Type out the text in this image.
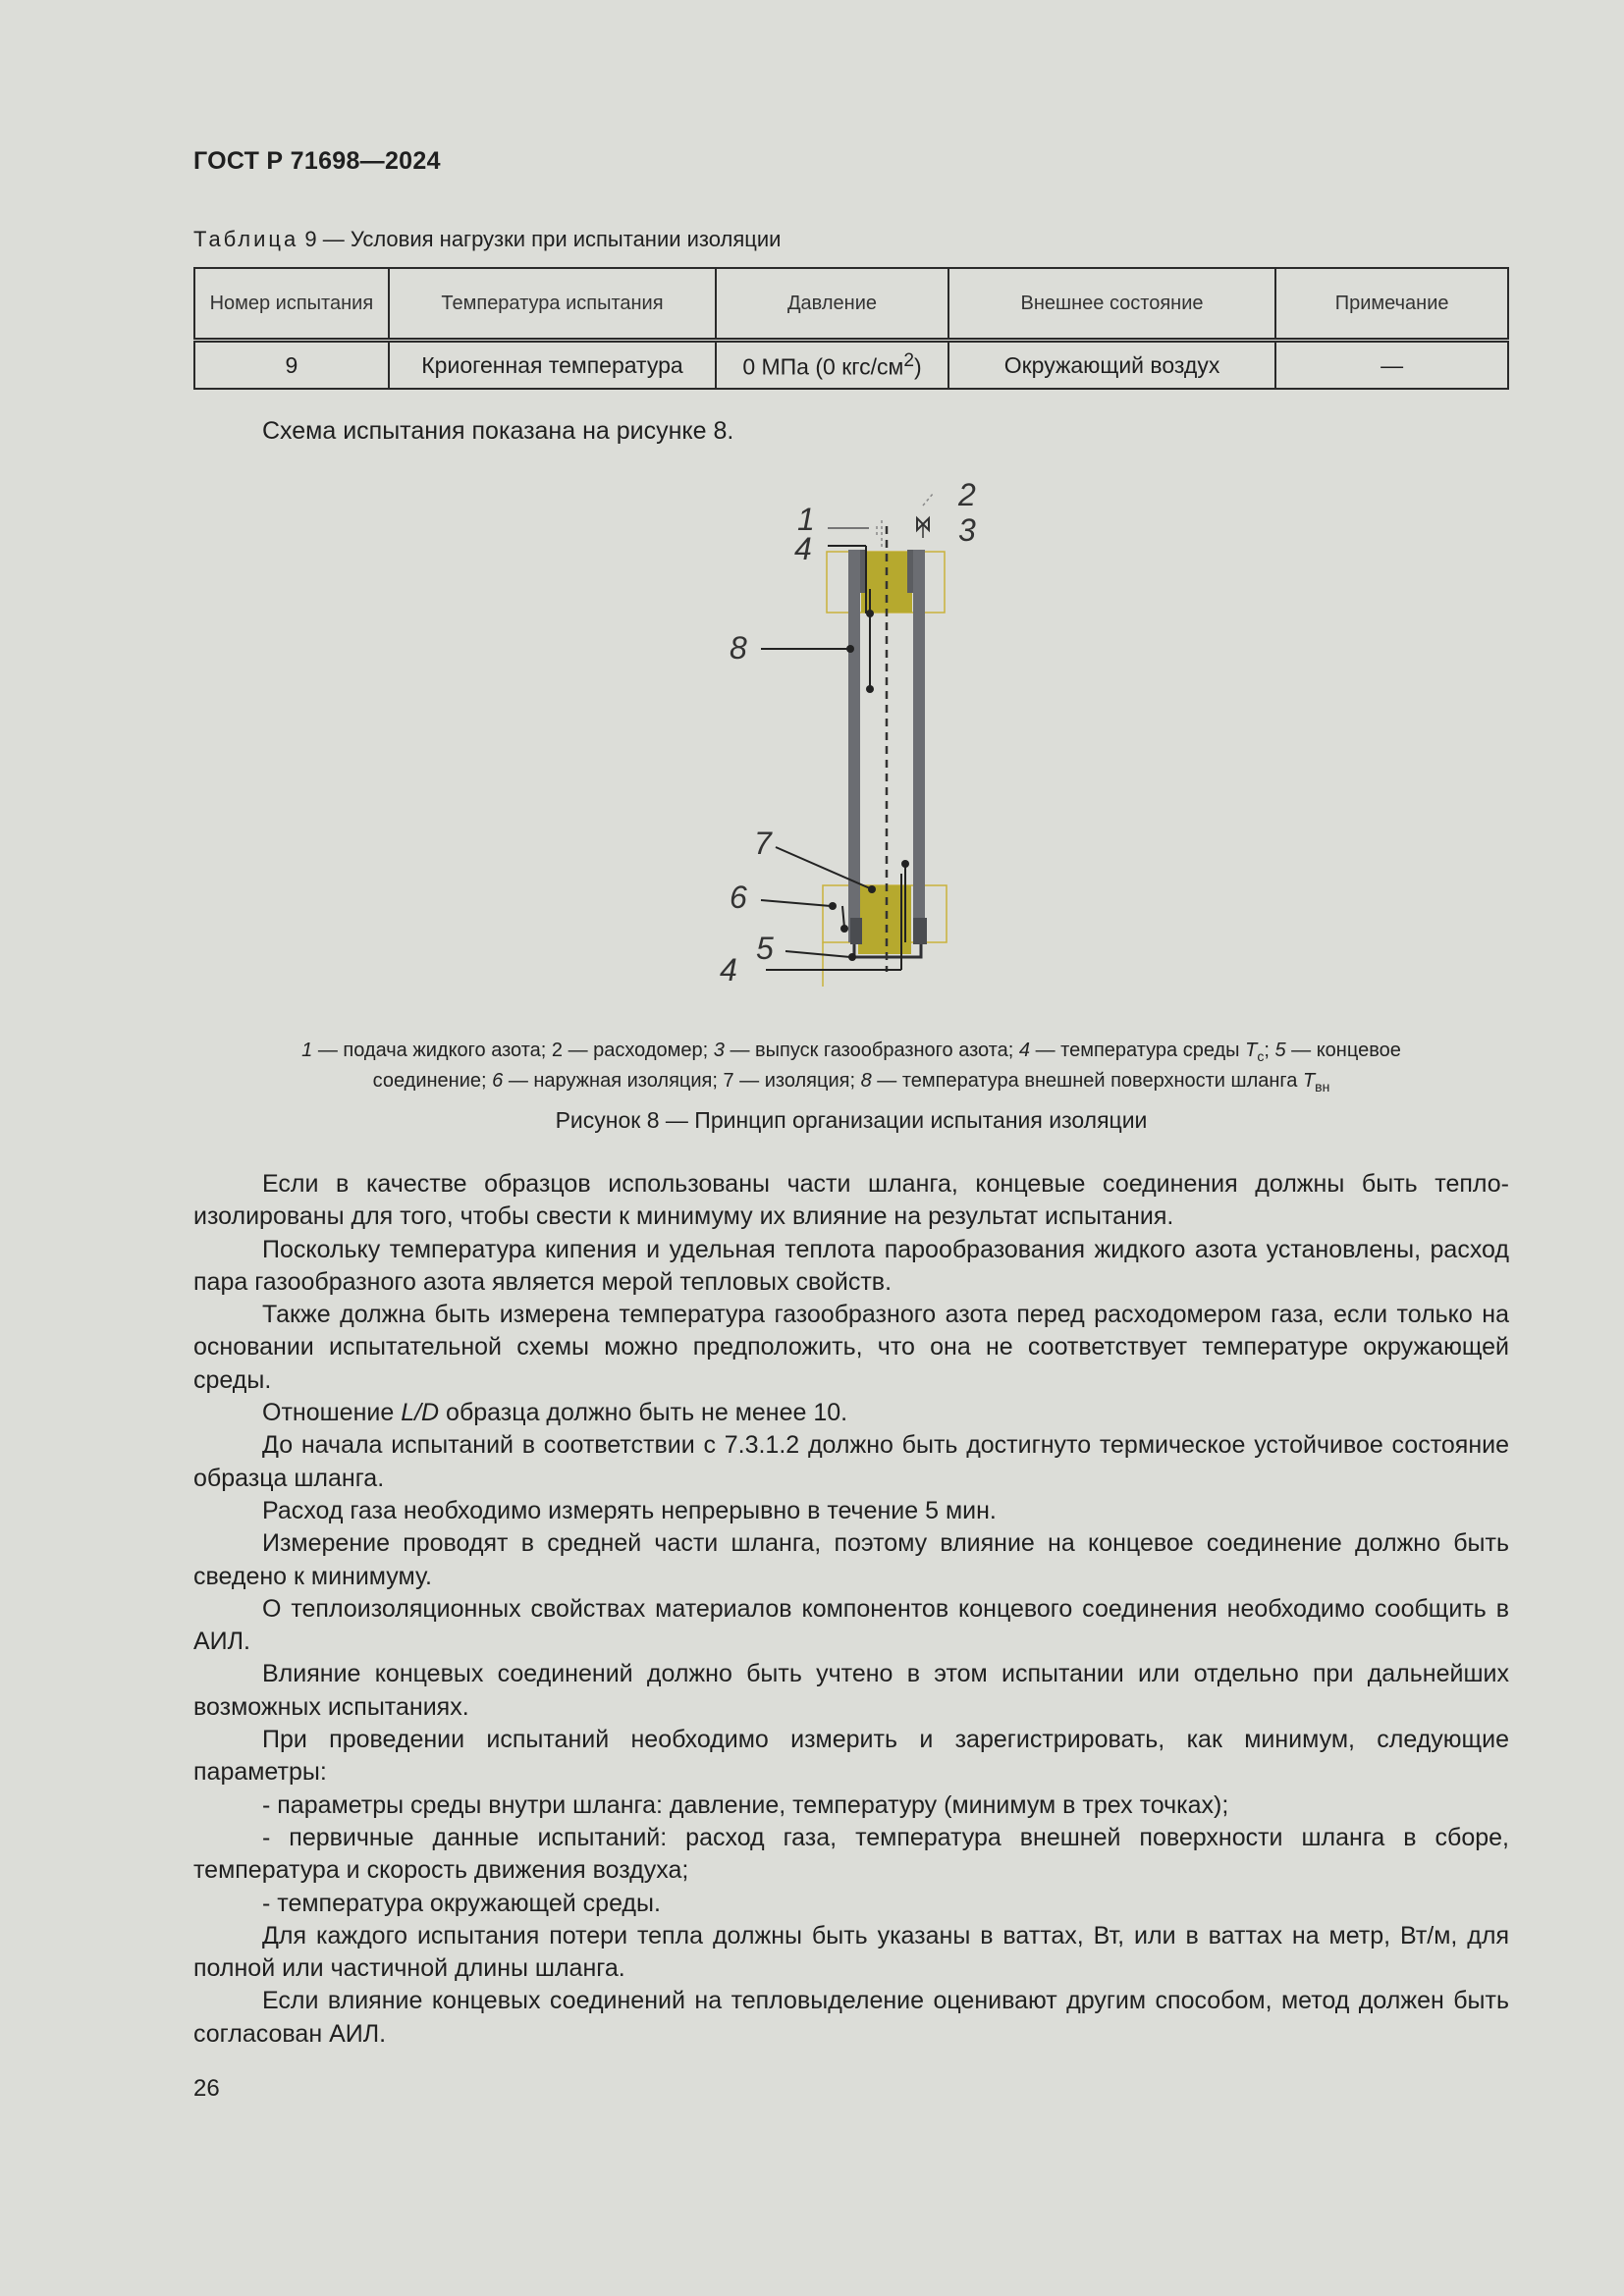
ГОСТ Р 71698—2024
Таблица 9 — Условия нагрузки при испытании изоляции
Номер испытания	Температура испытания	Давление	Внешнее состояние	Примечание
9	Криогенная температура	0 МПа (0 кгс/$см^2$)	Окружающий воздух	—
Схема испытания показана на рисунке 8.
1
2
3
4
8
7
6
5
4
1 — подача жидкого азота; 2 — расходомер; 3 — выпуск газообразного азота; 4 — температура среды $T_c$; 5 — концевое
соединение; 6 — наружная изоляция; 7 — изоляция; 8 — температура внешней поверхности шланга $T_{вн}$
Рисунок 8 — Принцип организации испытания изоляции

Если в качестве образцов использованы части шланга, концевые соединения должны быть теплоизолированы для того, чтобы свести к минимуму их влияние на результат испытания.

Поскольку температура кипения и удельная теплота парообразования жидкого азота установлены, расход пара газообразного азота является мерой тепловых свойств.

Также должна быть измерена температура газообразного азота перед расходомером газа, если только на основании испытательной схемы можно предположить, что она не соответствует температуре окружающей среды.

Отношение L/D образца должно быть не менее 10.

До начала испытаний в соответствии с 7.3.1.2 должно быть достигнуто термическое устойчивое состояние образца шланга.

Расход газа необходимо измерять непрерывно в течение 5 мин.

Измерение проводят в средней части шланга, поэтому влияние на концевое соединение должно быть сведено к минимуму.

О теплоизоляционных свойствах материалов компонентов концевого соединения необходимо сообщить в АИЛ.

Влияние концевых соединений должно быть учтено в этом испытании или отдельно при дальнейших возможных испытаниях.

При проведении испытаний необходимо измерить и зарегистрировать, как минимум, следующие параметры:

- параметры среды внутри шланга: давление, температуру (минимум в трех точках);

- первичные данные испытаний: расход газа, температура внешней поверхности шланга в сборе, температура и скорость движения воздуха;

- температура окружающей среды.

Для каждого испытания потери тепла должны быть указаны в ваттах, Вт, или в ваттах на метр, Вт/м, для полной или частичной длины шланга.

Если влияние концевых соединений на тепловыделение оценивают другим способом, метод должен быть согласован АИЛ.

26
